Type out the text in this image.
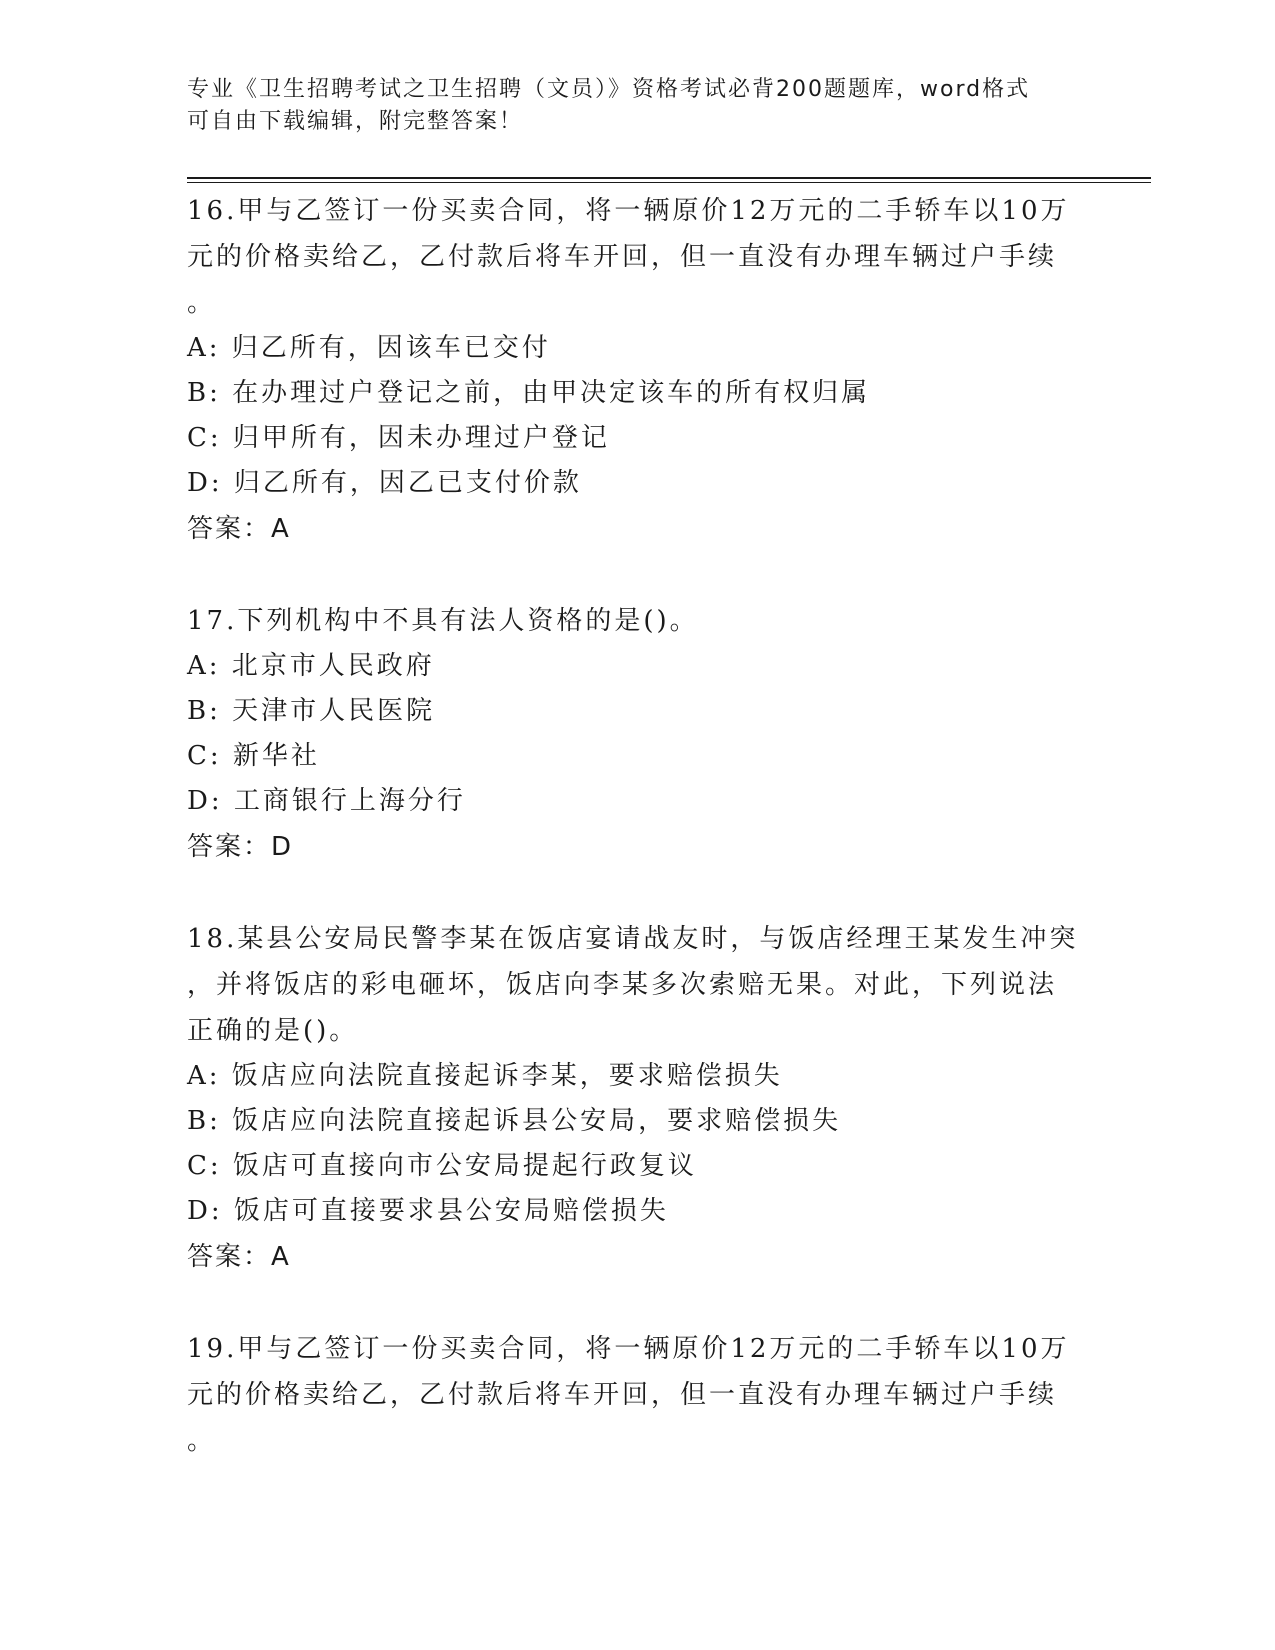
专业《卫生招聘考试之卫生招聘（文员）》资格考试必背200题题库，word格式
可自由下载编辑，附完整答案！
16.甲与乙签订一份买卖合同，将一辆原价12万元的二手轿车以10万
元的价格卖给乙，乙付款后将车开回，但一直没有办理车辆过户手续
。
A: 归乙所有，因该车已交付
B: 在办理过户登记之前，由甲决定该车的所有权归属
C: 归甲所有，因未办理过户登记
D: 归乙所有，因乙已支付价款
答案：A
17.下列机构中不具有法人资格的是()。
A: 北京市人民政府
B: 天津市人民医院
C: 新华社
D: 工商银行上海分行
答案：D
18.某县公安局民警李某在饭店宴请战友时，与饭店经理王某发生冲突
，并将饭店的彩电砸坏，饭店向李某多次索赔无果。对此，下列说法
正确的是()。
A: 饭店应向法院直接起诉李某，要求赔偿损失
B: 饭店应向法院直接起诉县公安局，要求赔偿损失
C: 饭店可直接向市公安局提起行政复议
D: 饭店可直接要求县公安局赔偿损失
答案：A
19.甲与乙签订一份买卖合同，将一辆原价12万元的二手轿车以10万
元的价格卖给乙，乙付款后将车开回，但一直没有办理车辆过户手续
。
